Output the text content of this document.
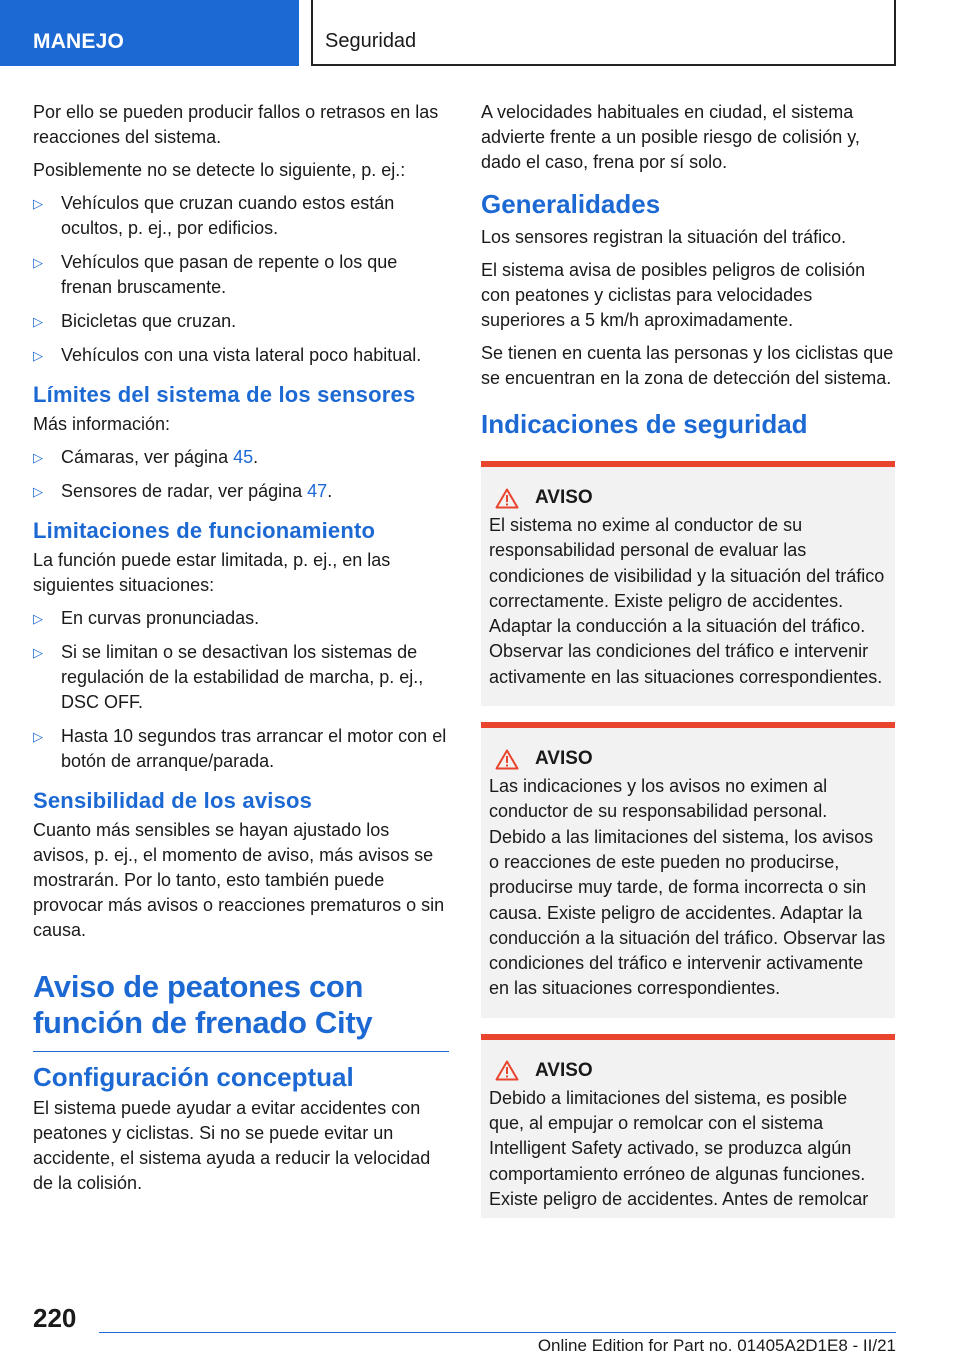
MANEJO	Seguridad

Por ello se pueden producir fallos o retrasos en las reacciones del sistema.

Posiblemente no se detecte lo siguiente, p. ej.:

▷ Vehículos que cruzan cuando estos están ocultos, p. ej., por edificios.
▷ Vehículos que pasan de repente o los que frenan bruscamente.
▷ Bicicletas que cruzan.
▷ Vehículos con una vista lateral poco habitual.
Límites del sistema de los sensores

Más información:

▷ Cámaras, ver página 45.
▷ Sensores de radar, ver página 47.
Limitaciones de funcionamiento

La función puede estar limitada, p. ej., en las siguientes situaciones:

▷ En curvas pronunciadas.
▷ Si se limitan o se desactivan los sistemas de regulación de la estabilidad de marcha, p. ej., DSC OFF.
▷ Hasta 10 segundos tras arrancar el motor con el botón de arranque/parada.
Sensibilidad de los avisos

Cuanto más sensibles se hayan ajustado los avisos, p. ej., el momento de aviso, más avisos se mostrarán. Por lo tanto, esto también puede provocar más avisos o reacciones prematuros o sin causa.

Aviso de peatones con función de frenado City
Configuración conceptual

El sistema puede ayudar a evitar accidentes con peatones y ciclistas. Si no se puede evitar un accidente, el sistema ayuda a reducir la velocidad de la colisión.

A velocidades habituales en ciudad, el sistema advierte frente a un posible riesgo de colisión y, dado el caso, frena por sí solo.

Generalidades

Los sensores registran la situación del tráfico.

El sistema avisa de posibles peligros de colisión con peatones y ciclistas para velocidades superiores a 5 km/h aproximadamente.

Se tienen en cuenta las personas y los ciclistas que se encuentran en la zona de detección del sistema.

Indicaciones de seguridad
AVISO

El sistema no exime al conductor de su responsabilidad personal de evaluar las condiciones de visibilidad y la situación del tráfico correctamente. Existe peligro de accidentes. Adaptar la conducción a la situación del tráfico. Observar las condiciones del tráfico e intervenir activamente en las situaciones correspondientes.

AVISO

Las indicaciones y los avisos no eximen al conductor de su responsabilidad personal. Debido a las limitaciones del sistema, los avisos o reacciones de este pueden no producirse, producirse muy tarde, de forma incorrecta o sin causa. Existe peligro de accidentes. Adaptar la conducción a la situación del tráfico. Observar las condiciones del tráfico e intervenir activamente en las situaciones correspondientes.

AVISO

Debido a limitaciones del sistema, es posible que, al empujar o remolcar con el sistema Intelligent Safety activado, se produzca algún comportamiento erróneo de algunas funciones. Existe peligro de accidentes. Antes de remolcar

220
Online Edition for Part no. 01405A2D1E8 - II/21
